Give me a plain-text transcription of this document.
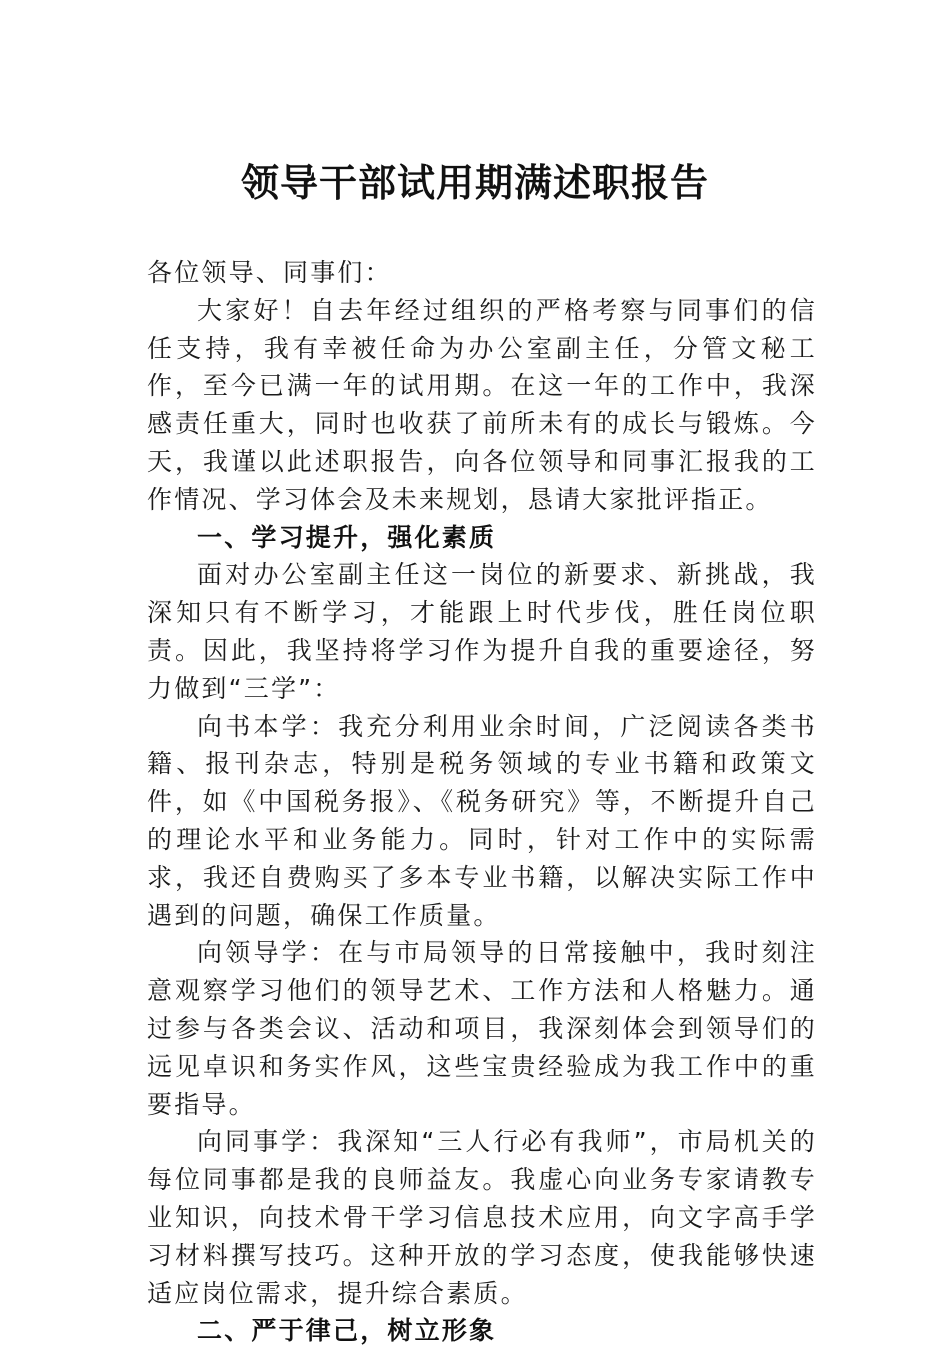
领导干部试用期满述职报告

各位领导、同事们：

大家好！自去年经过组织的严格考察与同事们的信任支持，我有幸被任命为办公室副主任，分管文秘工作，至今已满一年的试用期。在这一年的工作中，我深感责任重大，同时也收获了前所未有的成长与锻炼。今天，我谨以此述职报告，向各位领导和同事汇报我的工作情况、学习体会及未来规划，恳请大家批评指正。

一、学习提升，强化素质

面对办公室副主任这一岗位的新要求、新挑战，我深知只有不断学习，才能跟上时代步伐，胜任岗位职责。因此，我坚持将学习作为提升自我的重要途径，努力做到“三学”：

向书本学：我充分利用业余时间，广泛阅读各类书籍、报刊杂志，特别是税务领域的专业书籍和政策文件，如《中国税务报》、《税务研究》等，不断提升自己的理论水平和业务能力。同时，针对工作中的实际需求，我还自费购买了多本专业书籍，以解决实际工作中遇到的问题，确保工作质量。

向领导学：在与市局领导的日常接触中，我时刻注意观察学习他们的领导艺术、工作方法和人格魅力。通过参与各类会议、活动和项目，我深刻体会到领导们的远见卓识和务实作风，这些宝贵经验成为我工作中的重要指导。

向同事学：我深知“三人行必有我师”，市局机关的每位同事都是我的良师益友。我虚心向业务专家请教专业知识，向技术骨干学习信息技术应用，向文字高手学习材料撰写技巧。这种开放的学习态度，使我能够快速适应岗位需求，提升综合素质。

二、严于律己，树立形象
